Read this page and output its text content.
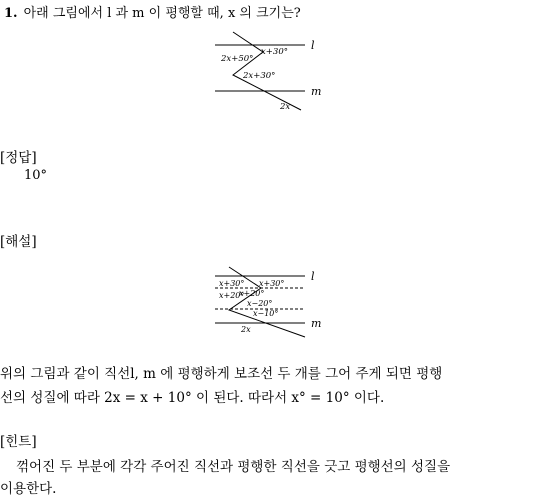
1. 아래 그림에서 l 과 m 이 평행할 때, x 의 크기는?
l
m
x+30°
2x+50°
2x+30°
2x
[정답]
10°
[해설]
l
m
x+30° x+30°
x+20°
x+20°
x−20°
x−10°
2x
위의 그림과 같이 직선l, m 에 평행하게 보조선 두 개를 그어 주게 되면 평행
선의 성질에 따라 2x = x + 10° 이 된다. 따라서 x° = 10° 이다.
[힌트]
꺾어진 두 부분에 각각 주어진 직선과 평행한 직선을 긋고 평행선의 성질을
이용한다.
